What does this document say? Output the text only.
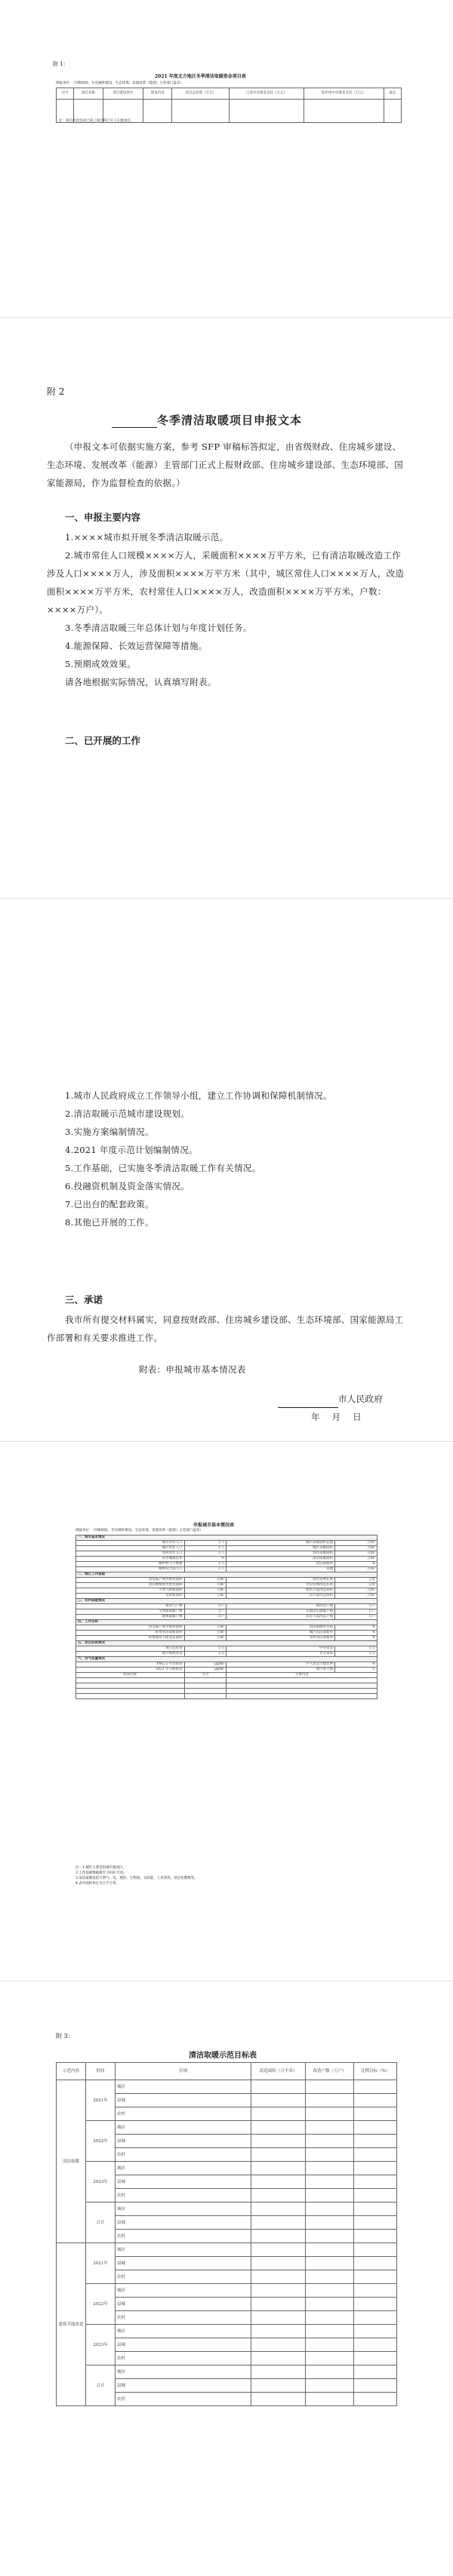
附 1：
2021 年度北方地区冬季清洁取暖资金项目表
填报单位：（市级财政、住房城乡建设、生态环境、发展改革（能源）主管部门盖章）
序号	项目名称	项目建设单位	建设内容	项目总投资（万元）	已获中央资金支持（万元）	拟申请中央资金支持（万元）	备注

注：项目内容包括已竣工项目和已开工在建项目。
附 2
冬季清洁取暖项目申报文本
（申报文本可依据实施方案，参考 SFP 审稿标答拟定，由省级财政、住房城乡建设、生态环境、发展改革（能源）主管部门正式上报财政部、住房城乡建设部、生态环境部、国家能源局，作为监督检查的依据。）
一、申报主要内容
1.××××城市拟开展冬季清洁取暖示范。
2.城市常住人口规模××××万人，采暖面积××××万平方米，已有清洁取暖改造工作涉及人口××××万人，涉及面积××××万平方米（其中，城区常住人口××××万人，改造面积××××万平方米，农村常住人口××××万人，改造面积××××万平方米，户数：××××万户）。
3.冬季清洁取暖三年总体计划与年度计划任务。
4.能源保障、长效运营保障等措施。
5.预期成效效果。
请各地根据实际情况，认真填写附表。
二、已开展的工作
1.城市人民政府成立工作领导小组，建立工作协调和保障机制情况。
2.清洁取暖示范城市建设规划。
3.实施方案编制情况。
4.2021 年度示范计划编制情况。
5.工作基础，已实施冬季清洁取暖工作有关情况。
6.投融资机制及资金落实情况。
7.已出台的配套政策。
8.其他已开展的工作。
三、承诺
我市所有提交材料属实，同意按财政部、住房城乡建设部、生态环境部、国家能源局工作部署和有关要求推进工作。
附表：申报城市基本情况表
市人民政府
年　 月　 日
申报城市基本情况表
填报单位：（市级财政、住房城乡建设、生态环境、发展改革（能源）主管部门盖章）
一、城市基本情况			
城市常住人口	万人	城市采暖面积总量	万m²
城区常住人口	万人	城区采暖面积	万m²
农村常住人口	万人	农村采暖面积	万m²
其中城镇化率	%	清洁取暖面积	万m²
城中村人口数量	万人	清洁取暖率	%
城乡结合部人口	万人	其他	万m²
二、城区工作基础			
热电联产集中供热面积	万m²	供热管网长度	公里
清洁燃煤集中供热面积	万m²	老旧管网改造长度	公里
天然气供暖面积	万m²	建筑节能改造面积	万m²
电供暖面积	万m²	热计量改造面积	万m²
三、农村取暖情况			
煤改气户数	万户	煤改电户数	万户
生物质取暖户数	万户	其他清洁取暖户数	万户
散煤取暖户数	万户	农房节能改造户数	万户
四、工作目标			
热电联产集中供热面积	万m²	清洁取暖率目标	%
新增清洁取暖面积	万m²	城区清洁取暖率	%
新增建筑节能改造面积	万m²	农村清洁取暖率	%
五、项目投资情况			
项目总投资	万元	中央资金	万元
地方财政资金	万元	社会资本	万元
六、空气质量情况			
PM2.5 年均浓度	μg/m³	空气优良天数比例	%
2021 年目标浓度	μg/m³	重污染天数	天
政策名称	文号	主要内容	

注：1.城区主要是指城市建成区。
2.工作基础数据截至 2020 年底。
3.清洁取暖包括天然气、电、地热、生物质、太阳能、工业余热、清洁化燃煤等。
4.表中面积单位为万平方米。
附 3：
清洁取暖示范目标表
示范内容	时间	区域	改造面积（万平米）	改造户数（万户）	比例目标（%）
清洁取暖	2021年	城区			
		县城			
		农村			
	2022年	城区			
		县城			
		农村			
	2023年	城区			
		县城			
		农村			
	合计	城区			
		县城			
		农村			
建筑节能改造	2021年	城区			
		县城			
		农村			
	2022年	城区			
		县城			
		农村			
	2023年	城区			
		县城			
		农村			
	合计	城区			
		县城			
		农村			
